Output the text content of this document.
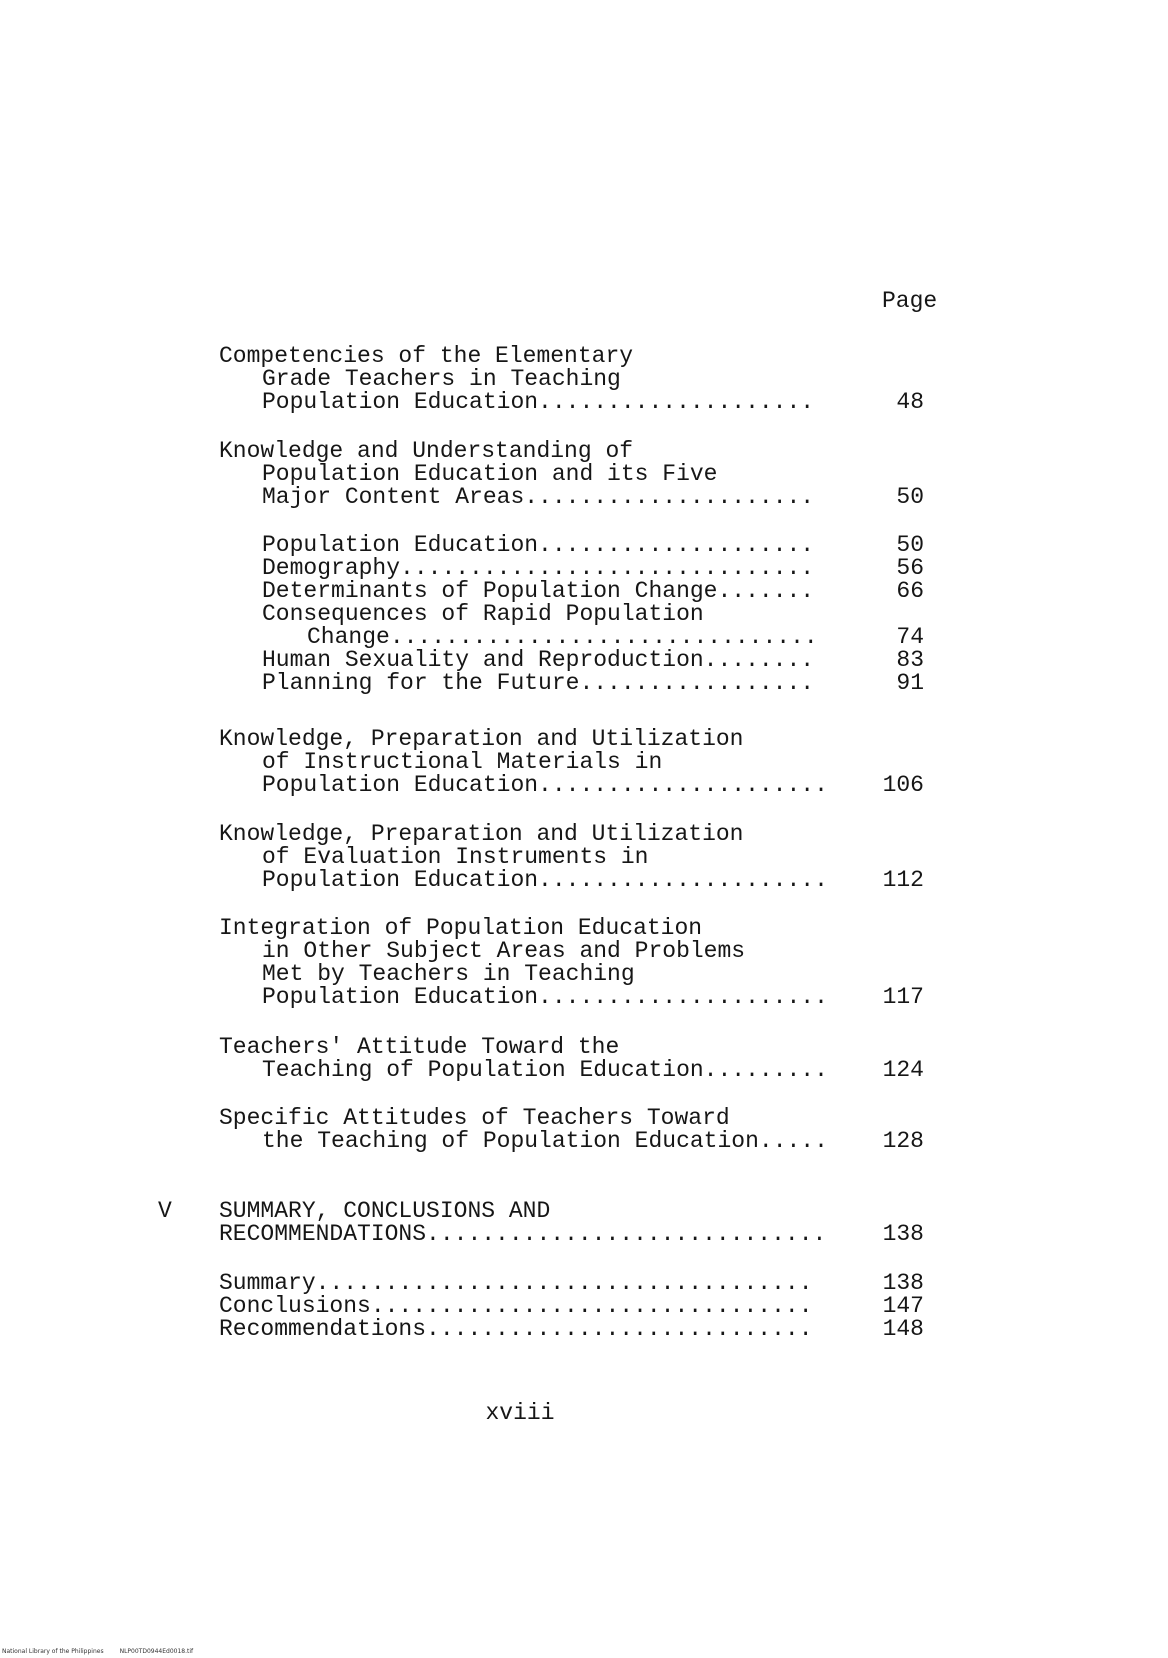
Page
Competencies of the Elementary
Grade Teachers in Teaching
Population Education....................	48
Knowledge and Understanding of
Population Education and its Five
Major Content Areas.....................	50
Population Education....................	50
Demography..............................	56
Determinants of Population Change.......	66
Consequences of Rapid Population
Change...............................	74
Human Sexuality and Reproduction........	83
Planning for the Future.................	91
Knowledge, Preparation and Utilization
of Instructional Materials in
Population Education.....................	106
Knowledge, Preparation and Utilization
of Evaluation Instruments in
Population Education.....................	112
Integration of Population Education
in Other Subject Areas and Problems
Met by Teachers in Teaching
Population Education.....................	117
Teachers' Attitude Toward the
Teaching of Population Education.........	124
Specific Attitudes of Teachers Toward
the Teaching of Population Education.....	128
V SUMMARY, CONCLUSIONS AND
RECOMMENDATIONS.............................	138
Summary....................................	138
Conclusions................................	147
Recommendations............................	148
xviii
National Library of the Philippines	NLP00TD0944Ed0018.tif
